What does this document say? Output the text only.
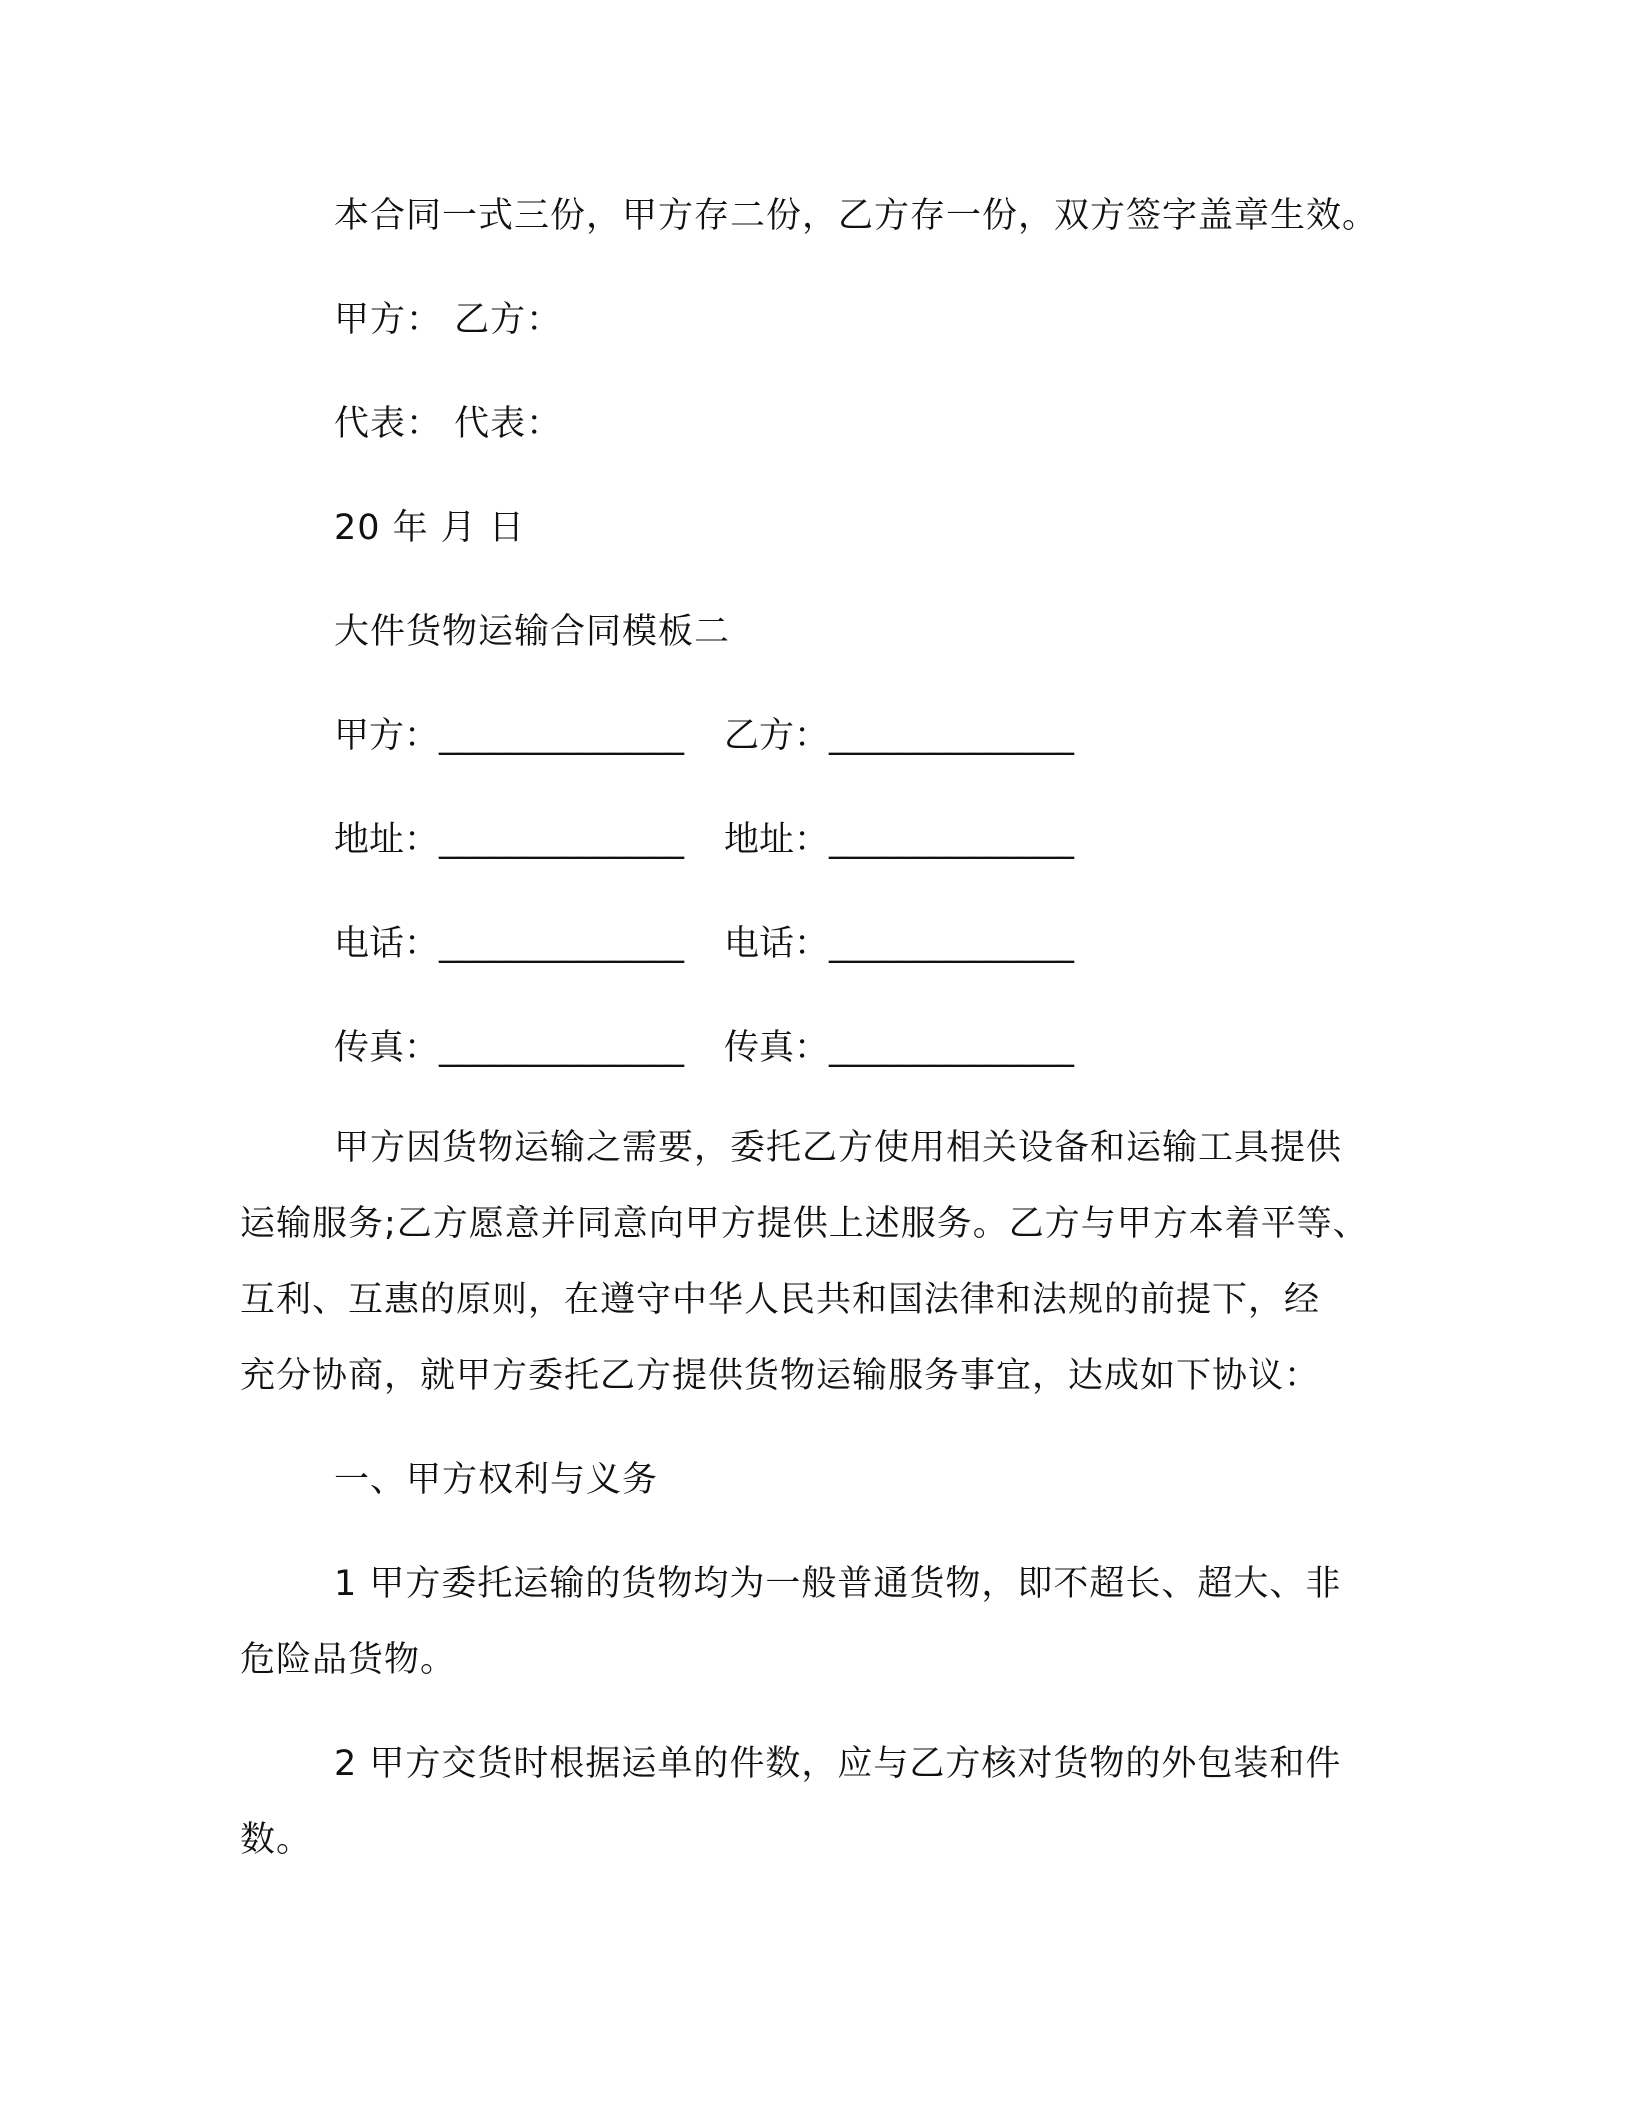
本合同一式三份，甲方存二份，乙方存一份，双方签字盖章生效。

甲方： 乙方：

代表： 代表：

20 年 月 日

大件货物运输合同模板二

甲方：______________ 乙方：______________
地址：______________ 地址：______________
电话：______________ 电话：______________
传真：______________ 传真：______________

甲方因货物运输之需要，委托乙方使用相关设备和运输工具提供

运输服务;乙方愿意并同意向甲方提供上述服务。乙方与甲方本着平等、

互利、互惠的原则，在遵守中华人民共和国法律和法规的前提下，经

充分协商，就甲方委托乙方提供货物运输服务事宜，达成如下协议：

一、甲方权利与义务

1 甲方委托运输的货物均为一般普通货物，即不超长、超大、非

危险品货物。

2 甲方交货时根据运单的件数，应与乙方核对货物的外包装和件

数。
